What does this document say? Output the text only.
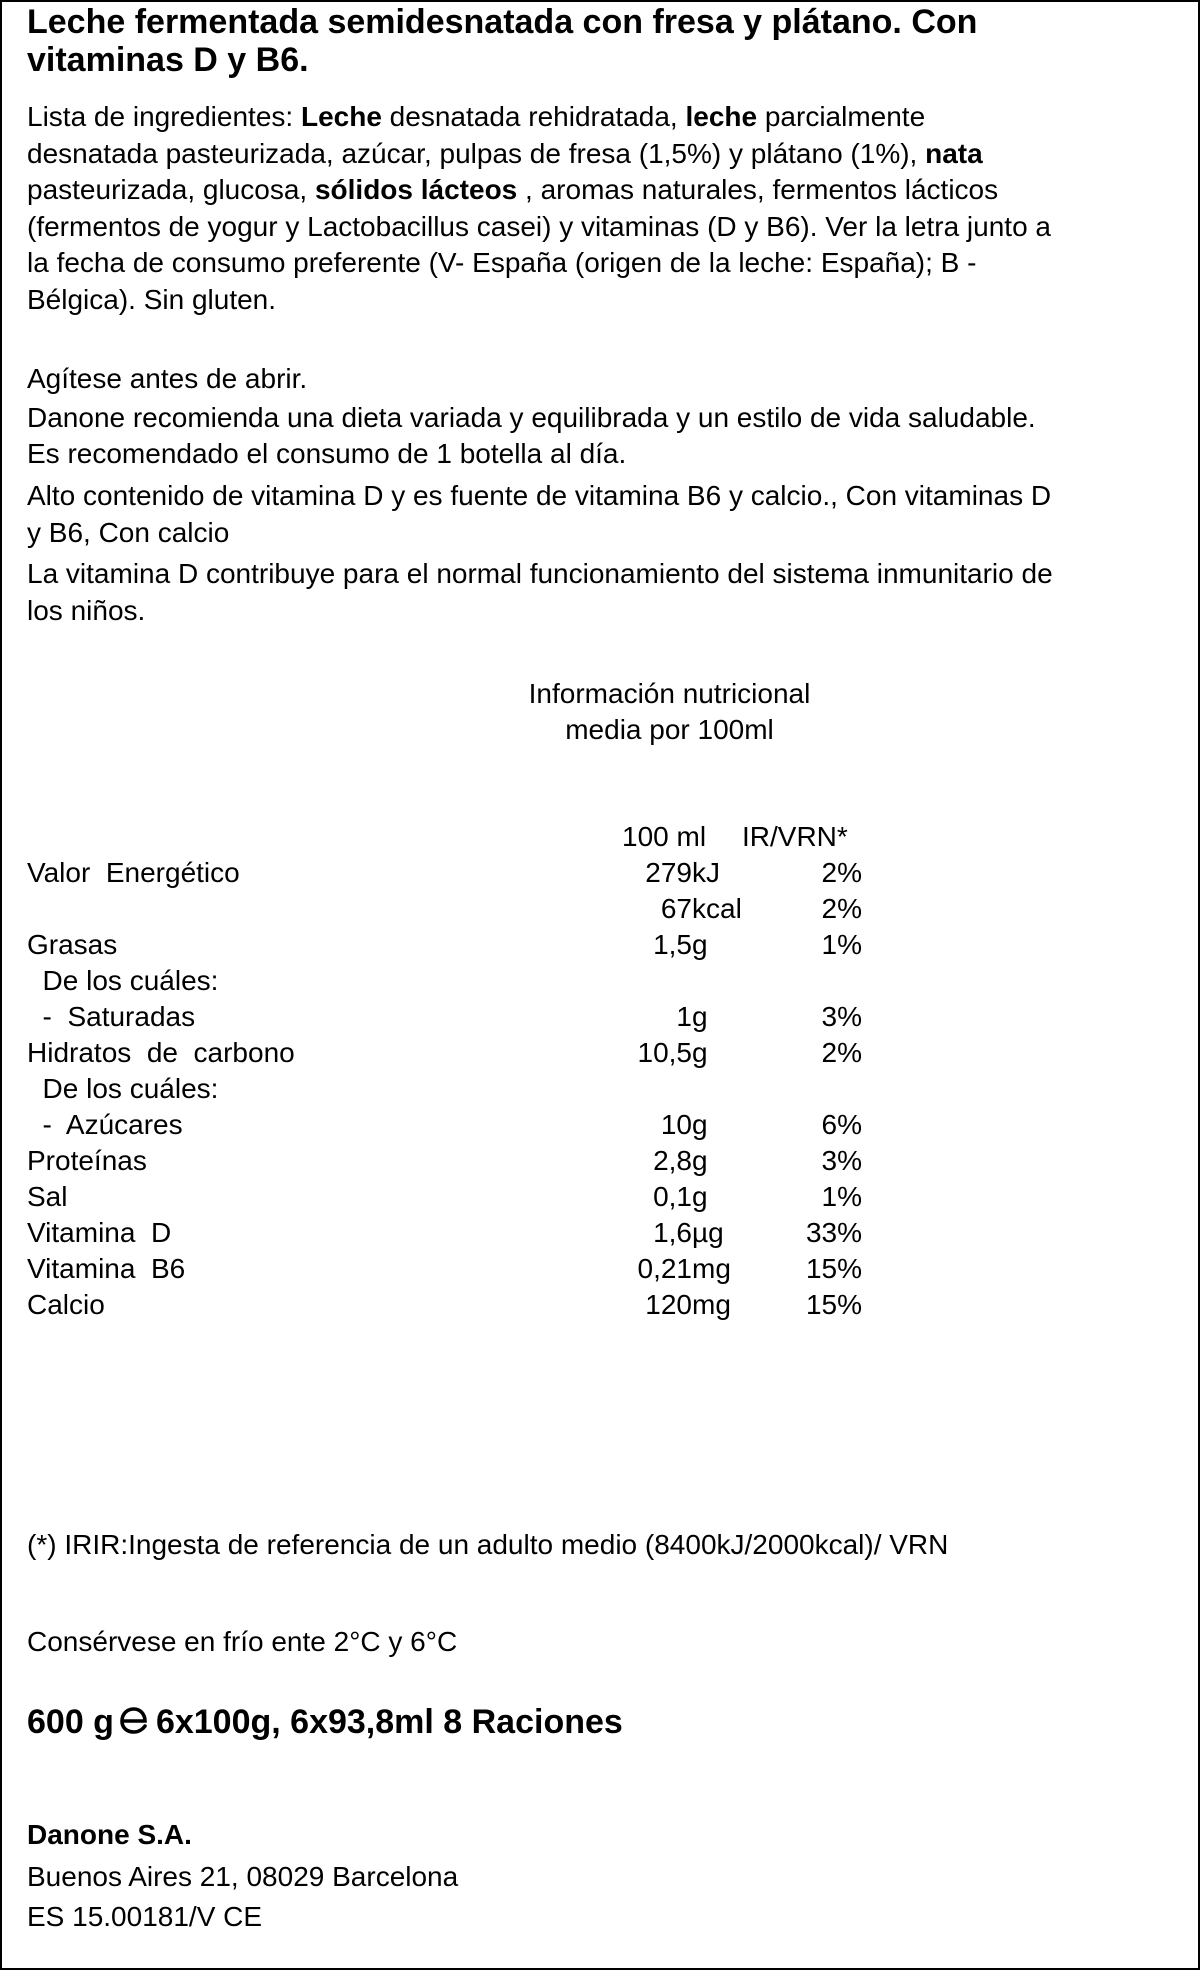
Leche fermentada semidesnatada con fresa y plátano. Con
vitaminas D y B6.
Lista de ingredientes: Leche desnatada rehidratada, leche parcialmente
desnatada pasteurizada, azúcar, pulpas de fresa (1,5%) y plátano (1%), nata
pasteurizada, glucosa, sólidos lácteos , aromas naturales, fermentos lácticos
(fermentos de yogur y Lactobacillus casei) y vitaminas (D y B6). Ver la letra junto a
la fecha de consumo preferente (V- España (origen de la leche: España); B -
Bélgica). Sin gluten.
Agítese antes de abrir.
Danone recomienda una dieta variada y equilibrada y un estilo de vida saludable.
Es recomendado el consumo de 1 botella al día.
Alto contenido de vitamina D y es fuente de vitamina B6 y calcio., Con vitaminas D
y B6, Con calcio
La vitamina D contribuye para el normal funcionamiento del sistema inmunitario de
los niños.
Información nutricional
media por 100ml
100 ml IR/VRN*
Valor  Energético	279 kJ	2%
67 kcal	2%
Grasas	1,5 g	1%
De los cuáles:
-  Saturadas	1 g	3%
Hidratos  de  carbono	10,5 g	2%
De los cuáles:
-  Azúcares	10 g	6%
Proteínas	2,8 g	3%
Sal	0,1 g	1%
Vitamina  D	1,6 µg	33%
Vitamina  B6	0,21 mg	15%
Calcio	120 mg	15%
(*) IRIR:Ingesta de referencia de un adulto medio (8400kJ/2000kcal)/ VRN
Consérvese en frío ente 2°C y 6°C
600 g 6x100g, 6x93,8ml 8 Raciones
Danone S.A.
Buenos Aires 21, 08029 Barcelona
ES 15.00181/V CE
